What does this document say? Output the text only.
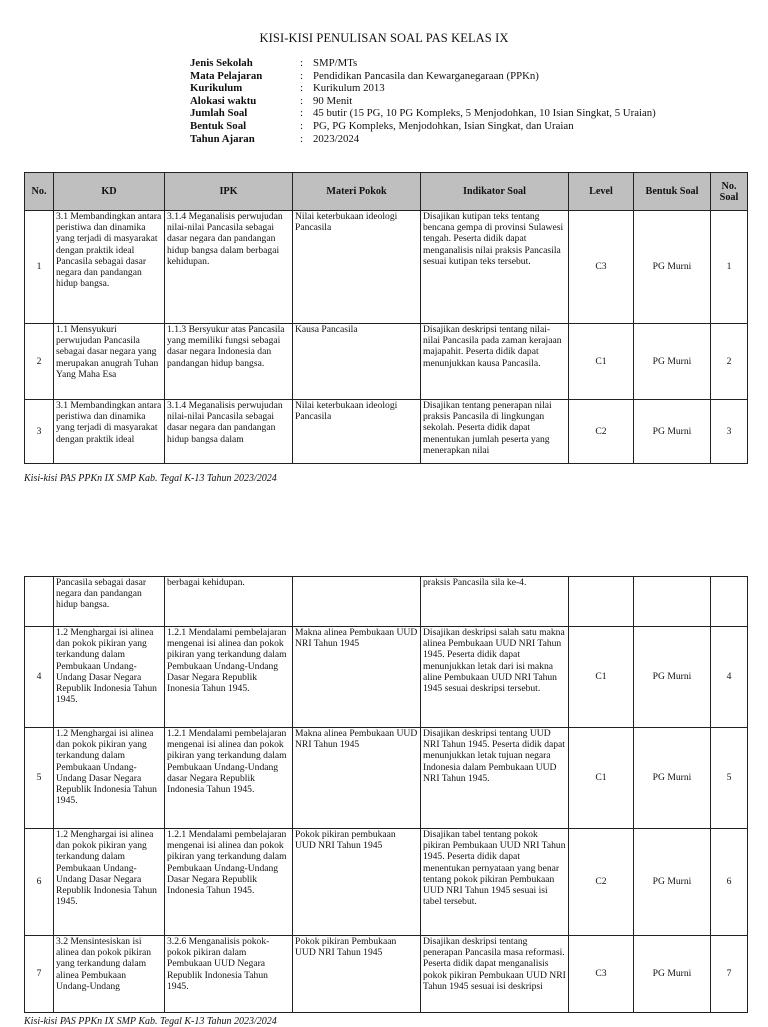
KISI-KISI PENULISAN SOAL PAS KELAS IX
Jenis Sekolah	: SMP/MTs
Mata Pelajaran	: Pendidikan Pancasila dan Kewarganegaraan (PPKn)
Kurikulum	: Kurikulum 2013
Alokasi waktu	: 90 Menit
Jumlah Soal	: 45 butir (15 PG, 10 PG Kompleks, 5 Menjodohkan, 10 Isian Singkat, 5 Uraian)
Bentuk Soal	: PG, PG Kompleks, Menjodohkan, Isian Singkat, dan Uraian
Tahun Ajaran	: 2023/2024
No.	KD	IPK	Materi Pokok	Indikator Soal	Level	Bentuk Soal	No. Soal
1	3.1 Membandingkan antara peristiwa dan dinamika yang terjadi di masyarakat dengan praktik ideal Pancasila sebagai dasar negara dan pandangan hidup bangsa.	3.1.4 Meganalisis perwujudan nilai-nilai Pancasila sebagai dasar negara dan pandangan hidup bangsa dalam berbagai kehidupan.	Nilai keterbukaan ideologi Pancasila	Disajikan kutipan teks tentang bencana gempa di provinsi Sulawesi tengah. Peserta didik dapat menganalisis nilai praksis Pancasila sesuai kutipan teks tersebut.	C3	PG Murni	1
2	1.1 Mensyukuri perwujudan Pancasila sebagai dasar negara yang merupakan anugrah Tuhan Yang Maha Esa	1.1.3 Bersyukur atas Pancasila yang memiliki fungsi sebagai dasar negara Indonesia dan pandangan hidup bangsa.	Kausa Pancasila	Disajikan deskripsi tentang nilai-nilai Pancasila pada zaman kerajaan majapahit. Peserta didik dapat menunjukkan kausa Pancasila.	C1	PG Murni	2
3	3.1 Membandingkan antara peristiwa dan dinamika yang terjadi di masyarakat dengan praktik ideal	3.1.4 Meganalisis perwujudan nilai-nilai Pancasila sebagai dasar negara dan pandangan hidup bangsa dalam	Nilai keterbukaan ideologi Pancasila	Disajikan tentang penerapan nilai praksis Pancasila di lingkungan sekolah. Peserta didik dapat menentukan jumlah peserta yang menerapkan nilai	C2	PG Murni	3
Kisi-kisi PAS PPKn IX SMP Kab. Tegal K-13 Tahun 2023/2024
	Pancasila sebagai dasar negara dan pandangan hidup bangsa.	berbagai kehidupan.		praksis Pancasila sila ke-4.			
4	1.2 Menghargai isi alinea dan pokok pikiran yang terkandung dalam Pembukaan Undang-Undang Dasar Negara Republik Indonesia Tahun 1945.	1.2.1 Mendalami pembelajaran mengenai isi alinea dan pokok pikiran yang terkandung dalam Pembukaan Undang-Undang Dasar Negara Republik Inonesia Tahun 1945.	Makna alinea Pembukaan UUD NRI Tahun 1945	Disajikan deskripsi salah satu makna alinea Pembukaan UUD NRI Tahun 1945. Peserta didik dapat menunjukkan letak dari isi makna aline Pembukaan UUD NRI Tahun 1945 sesuai deskripsi tersebut.	C1	PG Murni	4
5	1.2 Menghargai isi alinea dan pokok pikiran yang terkandung dalam Pembukaan Undang-Undang Dasar Negara Republik Indonesia Tahun 1945.	1.2.1 Mendalami pembelajaran mengenai isi alinea dan pokok pikiran yang terkandung dalam Pembukaan Undang-Undang dasar Negara Republik Indonesia Tahun 1945.	Makna alinea Pembukaan UUD NRI Tahun 1945	Disajikan deskripsi tentang UUD NRI Tahun 1945. Peserta didik dapat menunjukkan letak tujuan negara Indonesia dalam Pembukaan UUD NRI Tahun 1945.	C1	PG Murni	5
6	1.2 Menghargai isi alinea dan pokok pikiran yang terkandung dalam Pembukaan Undang-Undang Dasar Negara Republik Indonesia Tahun 1945.	1.2.1 Mendalami pembelajaran mengenai isi alinea dan pokok pikiran yang terkandung dalam Pembukaan Undang-Undang Dasar Negara Republik Indonesia Tahun 1945.	Pokok pikiran pembukaan UUD NRI Tahun 1945	Disajikan tabel tentang pokok pikiran Pembukaan UUD NRI Tahun 1945. Peserta didik dapat menentukan pernyataan yang benar tentang pokok pikiran Pembukaan UUD NRI Tahun 1945 sesuai isi tabel tersebut.	C2	PG Murni	6
7	3.2 Mensintesiskan isi alinea dan pokok pikiran yang terkandung dalam alinea Pembukaan Undang-Undang	3.2.6 Menganalisis pokok-pokok pikiran dalam Pembukaan UUD Negara Republik Indonesia Tahun 1945.	Pokok pikiran Pembukaan UUD NRI Tahun 1945	Disajikan deskripsi tentang penerapan Pancasila masa reformasi. Peserta didik dapat menganalisis pokok pikiran Pembukaan UUD NRI Tahun 1945 sesuai isi deskripsi	C3	PG Murni	7
Kisi-kisi PAS PPKn IX SMP Kab. Tegal K-13 Tahun 2023/2024
